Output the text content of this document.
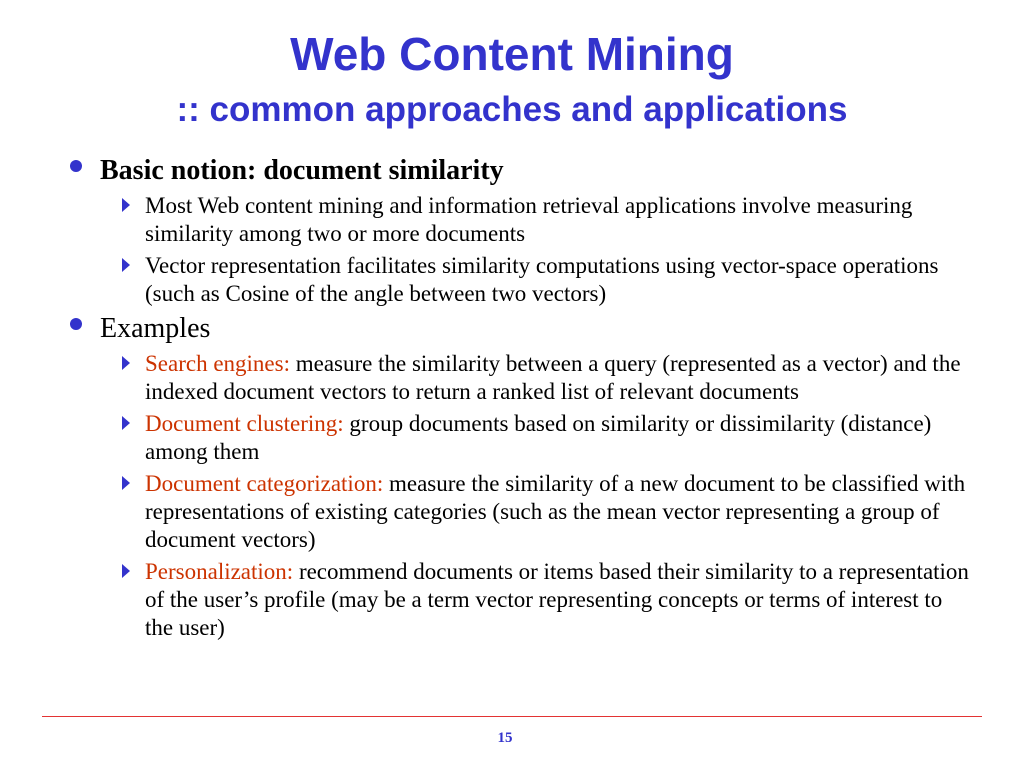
Web Content Mining
:: common approaches and applications
Basic notion: document similarity
Most Web content mining and information retrieval applications involve measuring similarity among two or more documents
Vector representation facilitates similarity computations using vector-space operations (such as Cosine of the angle between two vectors)
Examples
Search engines: measure the similarity between a query (represented as a vector) and the indexed document vectors to return a ranked list of relevant documents
Document clustering: group documents based on similarity or dissimilarity (distance) among them
Document categorization: measure the similarity of a new document to be classified with representations of existing categories (such as the mean vector representing a group of document vectors)
Personalization: recommend documents or items based their similarity to a representation of the user’s profile (may be a term vector representing concepts or terms of interest to the user)
15
